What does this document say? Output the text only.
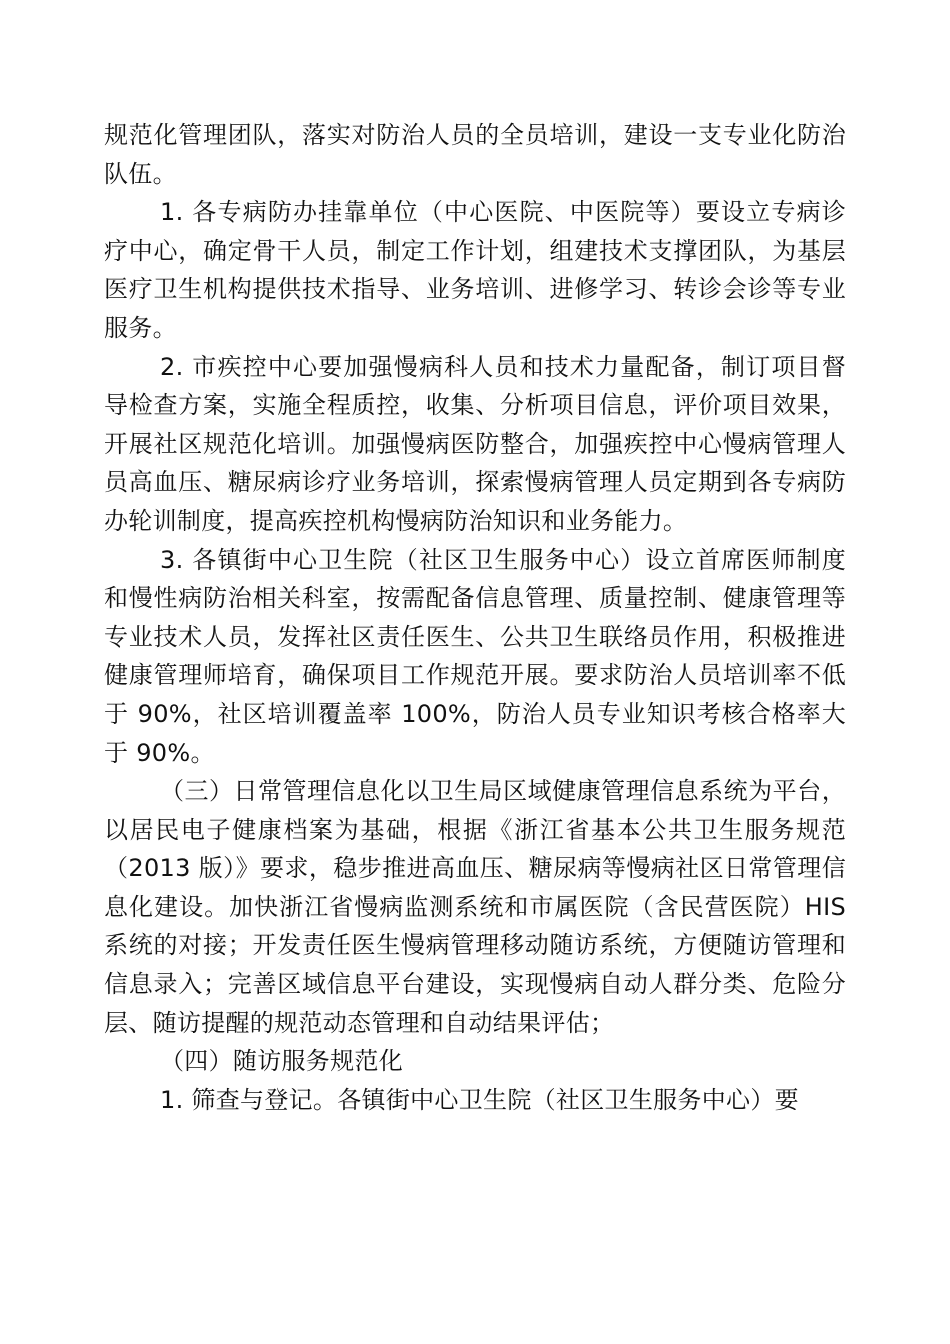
规范化管理团队，落实对防治人员的全员培训，建设一支专业化防治队伍。

1. 各专病防办挂靠单位（中心医院、中医院等）要设立专病诊疗中心，确定骨干人员，制定工作计划，组建技术支撑团队，为基层医疗卫生机构提供技术指导、业务培训、进修学习、转诊会诊等专业服务。

2. 市疾控中心要加强慢病科人员和技术力量配备，制订项目督导检查方案，实施全程质控，收集、分析项目信息，评价项目效果，开展社区规范化培训。加强慢病医防整合，加强疾控中心慢病管理人员高血压、糖尿病诊疗业务培训，探索慢病管理人员定期到各专病防办轮训制度，提高疾控机构慢病防治知识和业务能力。

3. 各镇街中心卫生院（社区卫生服务中心）设立首席医师制度和慢性病防治相关科室，按需配备信息管理、质量控制、健康管理等专业技术人员，发挥社区责任医生、公共卫生联络员作用，积极推进健康管理师培育，确保项目工作规范开展。要求防治人员培训率不低于 90%，社区培训覆盖率 100%，防治人员专业知识考核合格率大于 90%。

（三）日常管理信息化以卫生局区域健康管理信息系统为平台，以居民电子健康档案为基础，根据《浙江省基本公共卫生服务规范（2013 版）》要求，稳步推进高血压、糖尿病等慢病社区日常管理信息化建设。加快浙江省慢病监测系统和市属医院（含民营医院）HIS 系统的对接；开发责任医生慢病管理移动随访系统，方便随访管理和信息录入；完善区域信息平台建设，实现慢病自动人群分类、危险分层、随访提醒的规范动态管理和自动结果评估；

（四）随访服务规范化

1. 筛查与登记。各镇街中心卫生院（社区卫生服务中心）要
